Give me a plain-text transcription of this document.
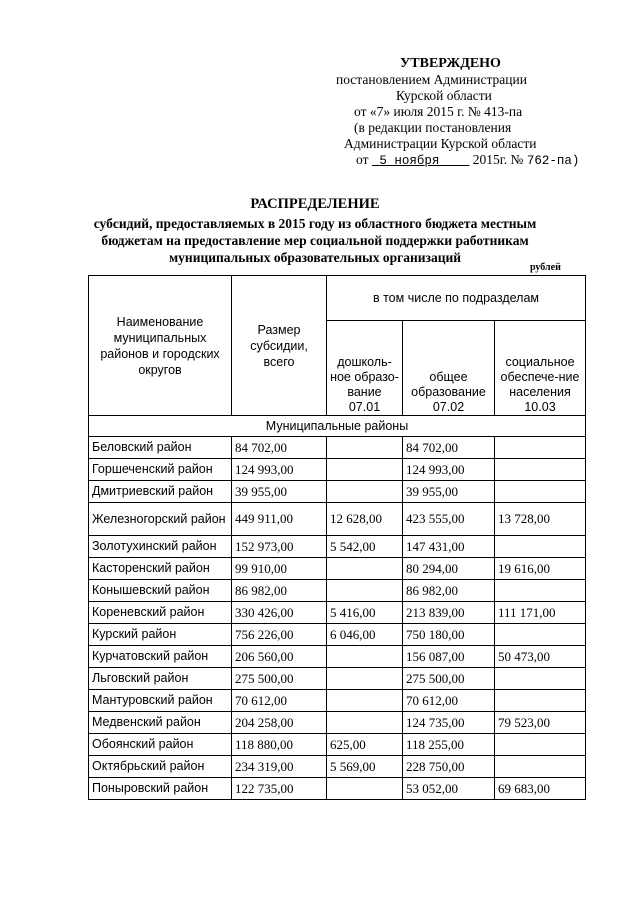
УТВЕРЖДЕНО
постановлением Администрации
Курской области
от «7» июля 2015 г. № 413-па
(в редакции постановления
Администрации Курской области
от 5 ноября 2015г. № 762-па)
РАСПРЕДЕЛЕНИЕ
субсидий, предоставляемых в 2015 году из областного бюджета местным бюджетам на предоставление мер социальной поддержки работникам муниципальных образовательных организаций
рублей
Наименование муниципальных районов и городских округов	Размер субсидии, всего	в том числе по подразделам		
		дошколь-ное образо-вание 07.01	общее образование 07.02	социальное обеспече-ние населения 10.03
Муниципальные районы				
Беловский район	84 702,00		84 702,00	
Горшеченский район	124 993,00		124 993,00	
Дмитриевский район	39 955,00		39 955,00	
Железногорский район	449 911,00	12 628,00	423 555,00	13 728,00
Золотухинский район	152 973,00	5 542,00	147 431,00	
Касторенский район	99 910,00		80 294,00	19 616,00
Конышевский район	86 982,00		86 982,00	
Кореневский район	330 426,00	5 416,00	213 839,00	111 171,00
Курский район	756 226,00	6 046,00	750 180,00	
Курчатовский район	206 560,00		156 087,00	50 473,00
Льговский район	275 500,00		275 500,00	
Мантуровский район	70 612,00		70 612,00	
Медвенский район	204 258,00		124 735,00	79 523,00
Обоянский район	118 880,00	625,00	118 255,00	
Октябрьский район	234 319,00	5 569,00	228 750,00	
Поныровский район	122 735,00		53 052,00	69 683,00
